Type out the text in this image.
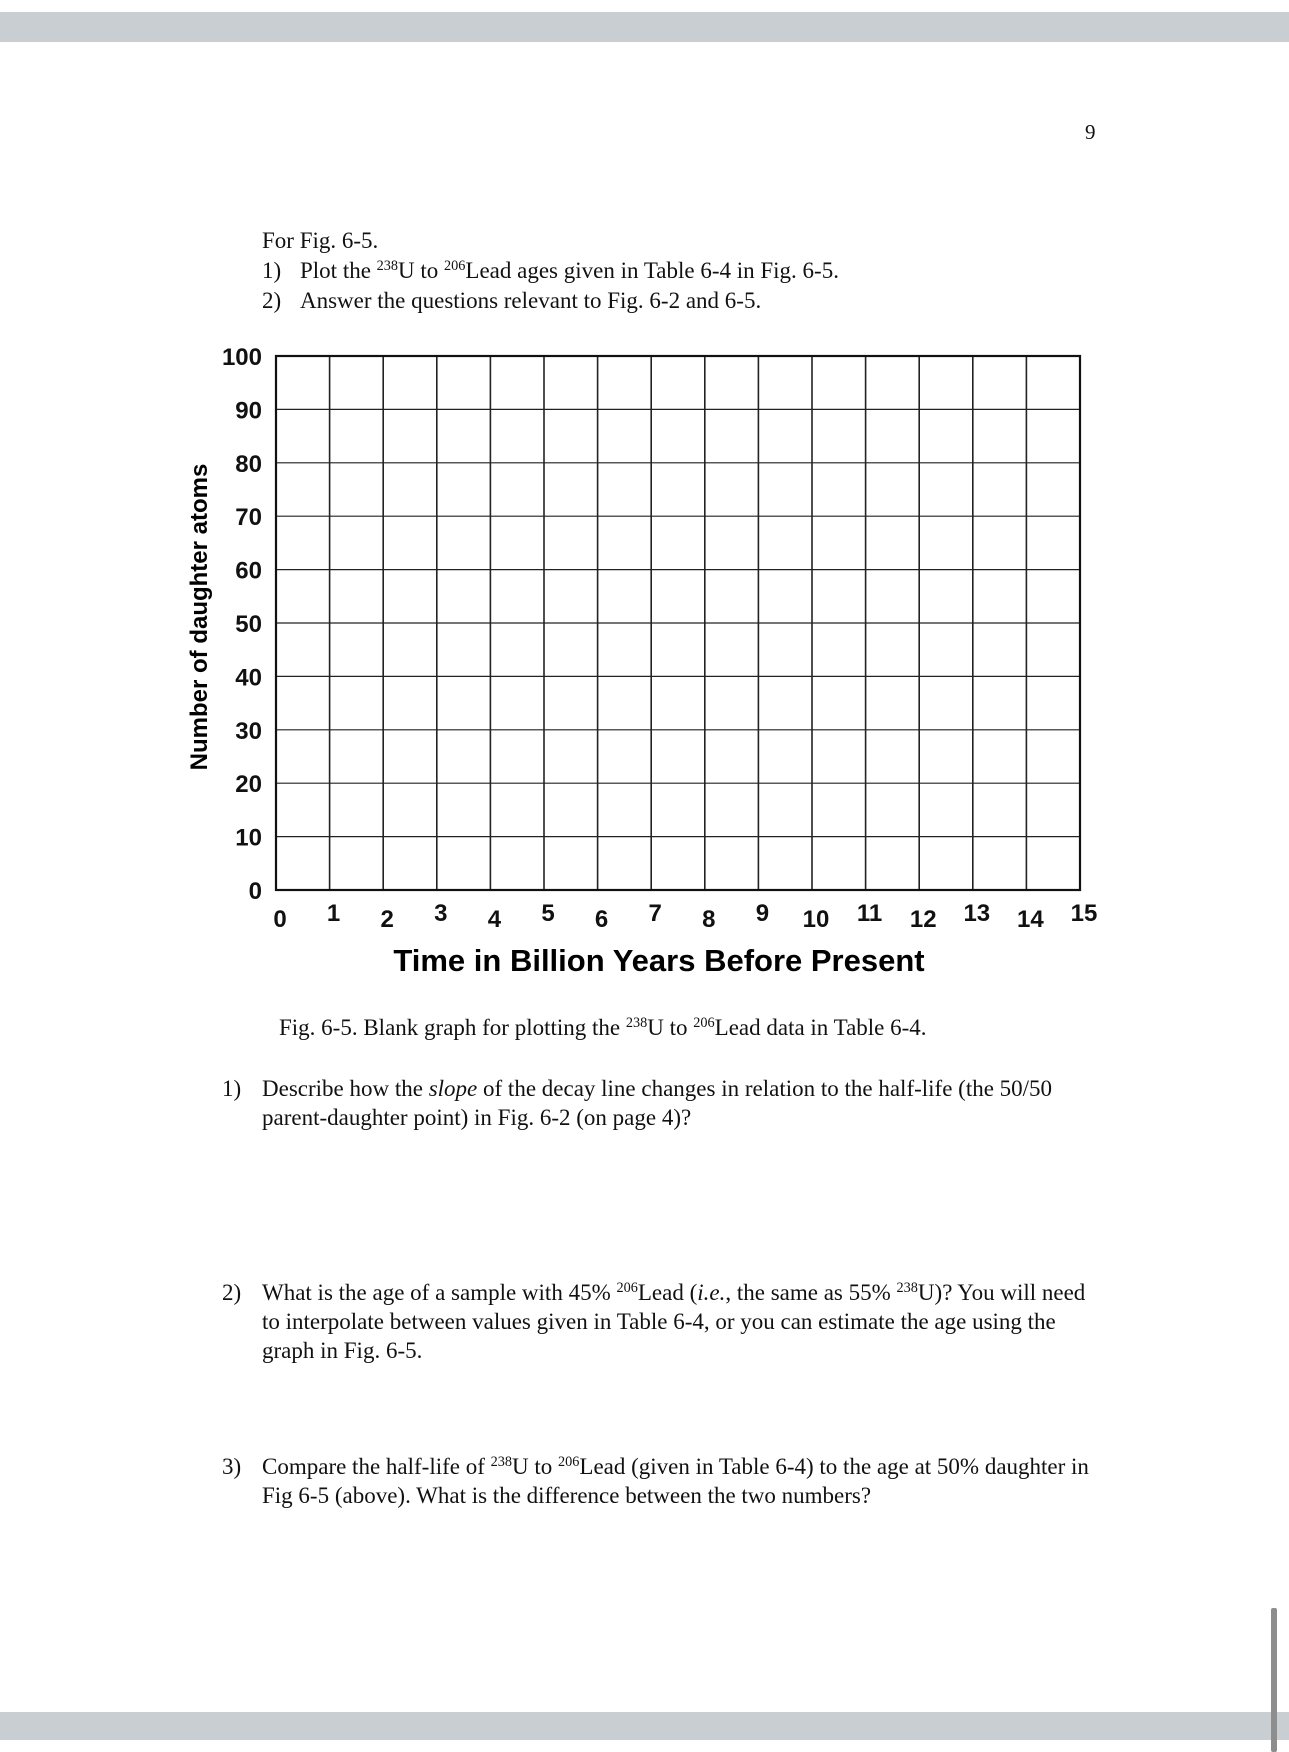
9
For Fig. 6-5.
1) Plot the $^{238}$U to $^{206}$Lead ages given in Table 6-4 in Fig. 6-5.
2) Answer the questions relevant to Fig. 6-2 and 6-5.
0
10
20
30
40
50
60
70
80
90
100
0 1 2 3 4 5 6 7 8 9 10 11 12 13 14 15
Number of daughter atoms
Time in Billion Years Before Present
Fig. 6-5. Blank graph for plotting the $^{238}$U to $^{206}$Lead data in Table 6-4.
1) Describe how the slope of the decay line changes in relation to the half-life (the 50/50 parent-daughter point) in Fig. 6-2 (on page 4)?
2) What is the age of a sample with 45% $^{206}$Lead (i.e., the same as 55% $^{238}$U)? You will need to interpolate between values given in Table 6-4, or you can estimate the age using the graph in Fig. 6-5.
3) Compare the half-life of $^{238}$U to $^{206}$Lead (given in Table 6-4) to the age at 50% daughter in Fig 6-5 (above). What is the difference between the two numbers?
